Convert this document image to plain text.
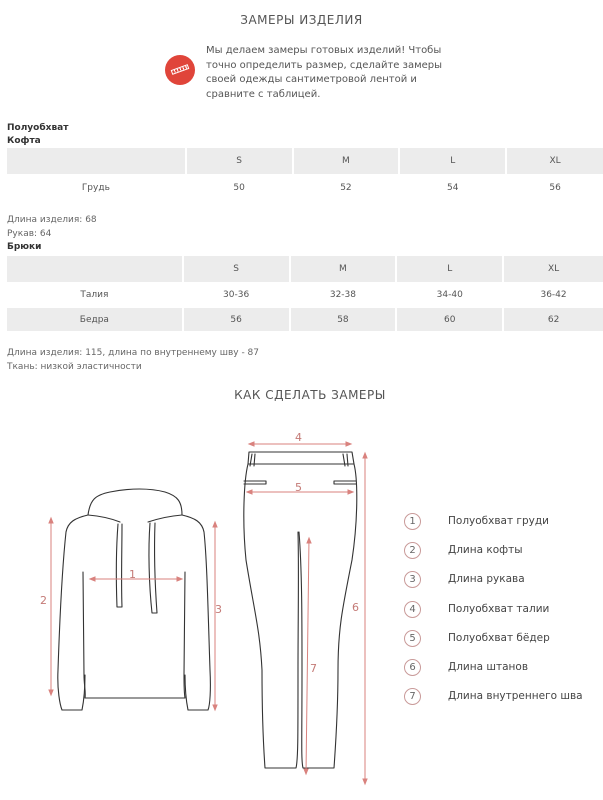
ЗАМЕРЫ ИЗДЕЛИЯ
Мы делаем замеры готовых изделий! Чтобы точно определить размер, сделайте замеры своей одежды сантиметровой лентой и сравните с таблицей.
Полуобхват
Кофта
	S	M	L	XL
Грудь	50	52	54	56
Длина изделия: 68
Рукав: 64
Брюки
	S	M	L	XL
Талия	30-36	32-38	34-40	36-42
Бедра	56	58	60	62
Длина изделия: 115, длина по внутреннему шву - 87
Ткань: низкой эластичности
КАК СДЕЛАТЬ ЗАМЕРЫ
1
2
3
4
5
6
7
1	Полуобхват груди
2	Длина кофты
3	Длина рукава
4	Полуобхват талии
5	Полуобхват бёдер
6	Длина штанов
7	Длина внутреннего шва
